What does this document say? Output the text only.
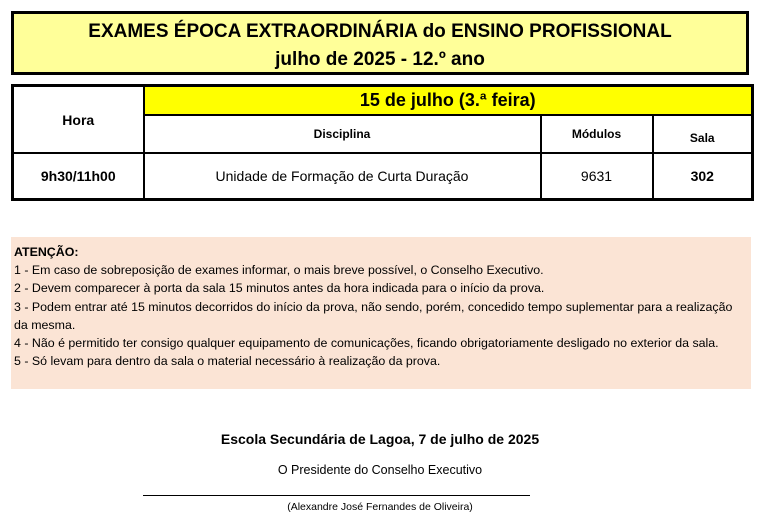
EXAMES ÉPOCA EXTRAORDINÁRIA do ENSINO PROFISSIONAL
julho de 2025 - 12.º ano
Hora	15 de julho (3.ª feira)		
	Disciplina	Módulos	Sala
9h30/11h00	Unidade de Formação de Curta Duração	9631	302
ATENÇÃO:
1 - Em caso de sobreposição de exames informar, o mais breve possível, o Conselho Executivo.
2 - Devem comparecer à porta da sala 15 minutos antes da hora indicada para o início da prova.
3 - Podem entrar até 15 minutos decorridos do início da prova, não sendo, porém, concedido tempo suplementar para a realização da mesma.
4 - Não é permitido ter consigo qualquer equipamento de comunicações, ficando obrigatoriamente desligado no exterior da sala.
5 - Só levam para dentro da sala o material necessário à realização da prova.
Escola Secundária de Lagoa, 7 de julho de 2025
O Presidente do Conselho Executivo
(Alexandre José Fernandes de Oliveira)
